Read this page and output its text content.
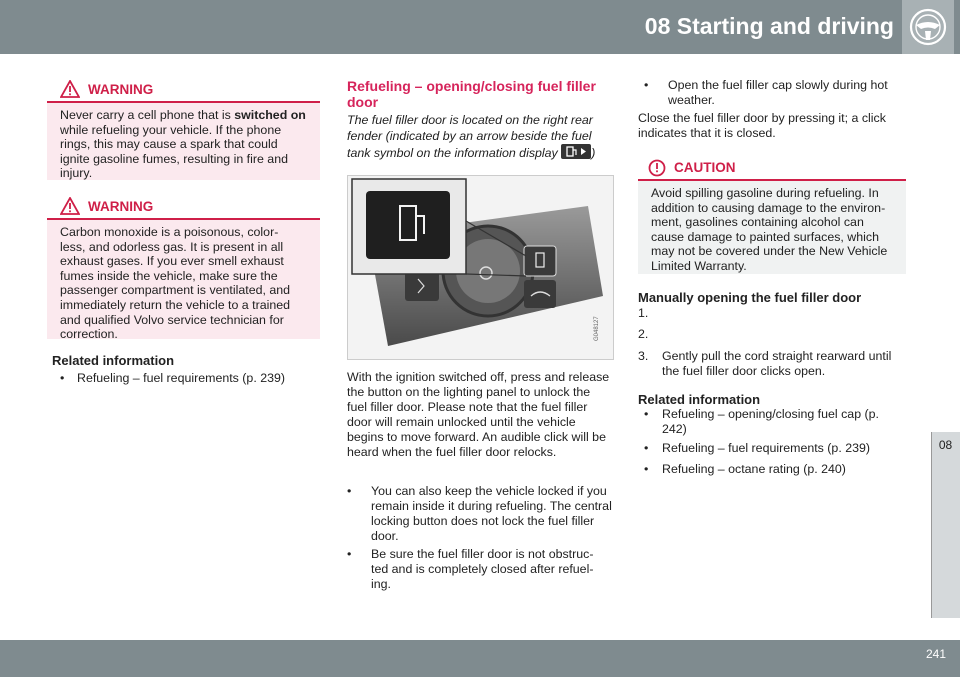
08 Starting and driving
WARNING
Never carry a cell phone that is switched on while refueling your vehicle. If the phone rings, this may cause a spark that could ignite gasoline fumes, resulting in fire and injury.
WARNING
Carbon monoxide is a poisonous, color- less, and odorless gas. It is present in all exhaust gases. If you ever smell exhaust fumes inside the vehicle, make sure the passenger compartment is ventilated, and immediately return the vehicle to a trained and qualified Volvo service technician for correction.
Related information
• Refueling – fuel requirements (p. 239)
Refueling – opening/closing fuel filler door
The fuel filler door is located on the right rear fender (indicated by an arrow beside the fuel tank symbol on the information display	)
G048127
With the ignition switched off, press and release the button on the lighting panel to unlock the fuel filler door. Please note that the fuel filler door will remain unlocked until the vehicle begins to move forward. An audible click will be heard when the fuel filler door relocks.
• You can also keep the vehicle locked if you remain inside it during refueling. The central locking button does not lock the fuel filler door.
• Be sure the fuel filler door is not obstruc- ted and is completely closed after refuel- ing.
• Open the fuel filler cap slowly during hot weather.
Close the fuel filler door by pressing it; a click indicates that it is closed.
CAUTION
Avoid spilling gasoline during refueling. In addition to causing damage to the environ- ment, gasolines containing alcohol can cause damage to painted surfaces, which may not be covered under the New Vehicle Limited Warranty.
Manually opening the fuel filler door
1.
2.
3. Gently pull the cord straight rearward until the fuel filler door clicks open.
Related information
• Refueling – opening/closing fuel cap (p. 242)
• Refueling – fuel requirements (p. 239)
• Refueling – octane rating (p. 240)
08
241
